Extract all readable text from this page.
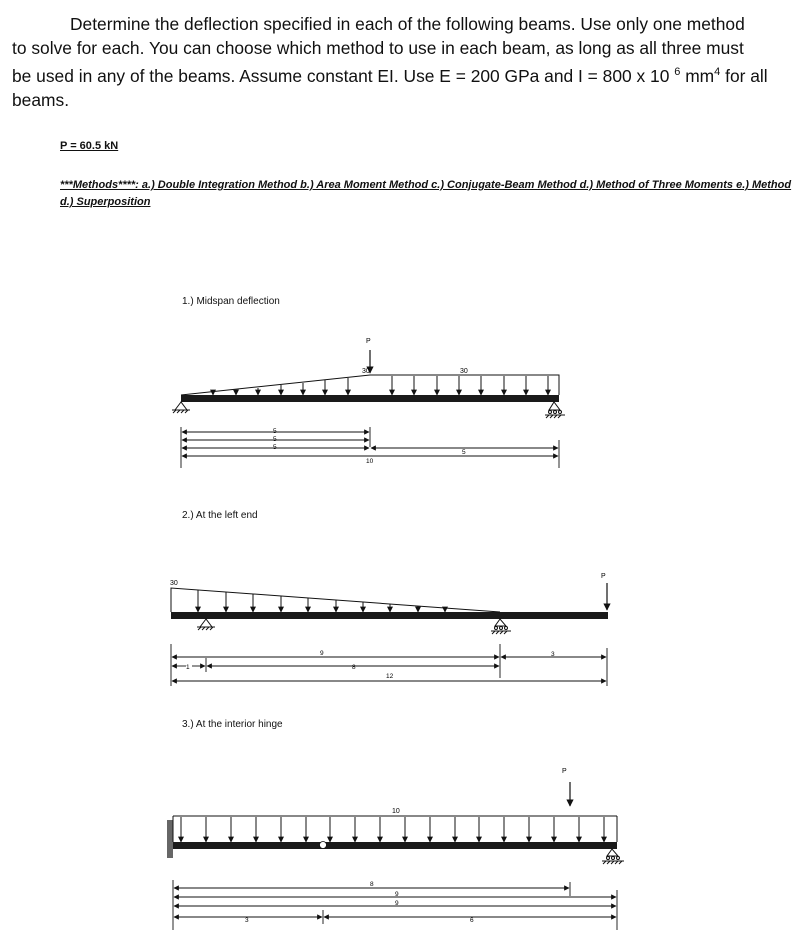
Determine the deflection specified in each of the following beams. Use only one method
to solve for each. You can choose which method to use in each beam, as long as all three must
be used in any of the beams. Assume constant EI. Use E = 200 GPa and I = 800 x 10 $^6$ $mm^4$ for all
beams.

P = 60.5 kN

***Methods****: a.) Double Integration Method b.) Area Moment Method c.) Conjugate-Beam Method d.) Method of Three Moments e.) Method d.) Superposition

1.) Midspan deflection

2.) At the left end

3.) At the interior hinge

P
30	30
5
5
5
10
5
30
P
1
9
8
12
3
10
P
8
9
9
3	6
